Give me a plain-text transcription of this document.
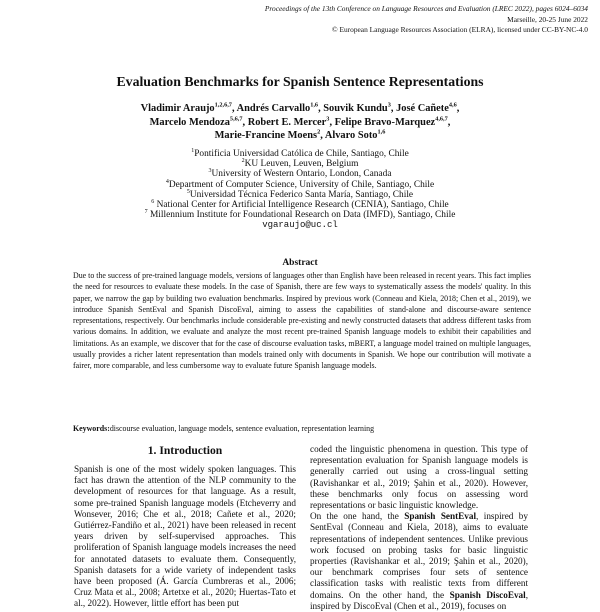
Proceedings of the 13th Conference on Language Resources and Evaluation (LREC 2022), pages 6024–6034
Marseille, 20-25 June 2022
© European Language Resources Association (ELRA), licensed under CC-BY-NC-4.0
Evaluation Benchmarks for Spanish Sentence Representations
Vladimir Araujo$^{1,2,6,7}$, Andrés Carvallo$^{1,6}$, Souvik Kundu$^3$, José Cañete$^{4,6}$,
Marcelo Mendoza$^{5,6,7}$, Robert E. Mercer$^3$, Felipe Bravo-Marquez$^{4,6,7}$,
Marie-Francine Moens$^2$, Alvaro Soto$^{1,6}$
$^1$Pontificia Universidad Católica de Chile, Santiago, Chile
$^2$KU Leuven, Leuven, Belgium
$^3$University of Western Ontario, London, Canada
$^4$Department of Computer Science, University of Chile, Santiago, Chile
$^5$Universidad Técnica Federico Santa María, Santiago, Chile
$^6$ National Center for Artificial Intelligence Research (CENIA), Santiago, Chile
$^7$ Millennium Institute for Foundational Research on Data (IMFD), Santiago, Chile
vgaraujo@uc.cl
Abstract

Due to the success of pre-trained language models, versions of languages other than English have been released in recent years. This fact implies the need for resources to evaluate these models. In the case of Spanish, there are few ways to systematically assess the models' quality. In this paper, we narrow the gap by building two evaluation benchmarks. Inspired by previous work (Conneau and Kiela, 2018; Chen et al., 2019), we introduce Spanish SentEval and Spanish DiscoEval, aiming to assess the capabilities of stand-alone and discourse-aware sentence representations, respectively. Our benchmarks include considerable pre-existing and newly constructed datasets that address different tasks from various domains. In addition, we evaluate and analyze the most recent pre-trained Spanish language models to exhibit their capabilities and limitations. As an example, we discover that for the case of discourse evaluation tasks, mBERT, a language model trained on multiple languages, usually provides a richer latent representation than models trained only with documents in Spanish. We hope our contribution will motivate a fairer, more comparable, and less cumbersome way to evaluate future Spanish language models.

Keywords:discourse evaluation, language models, sentence evaluation, representation learning
1. Introduction

Spanish is one of the most widely spoken languages. This fact has drawn the attention of the NLP community to the development of resources for that language. As a result, some pre-trained Spanish language models (Etcheverry and Wonsever, 2016; Che et al., 2018; Cañete et al., 2020; Gutiérrez-Fandiño et al., 2021) have been released in recent years driven by self-supervised approaches. This proliferation of Spanish language models increases the need for annotated datasets to evaluate them. Consequently, Spanish datasets for a wide variety of independent tasks have been proposed (Á. García Cumbreras et al., 2006; Cruz Mata et al., 2008; Artetxe et al., 2020; Huertas-Tato et al., 2022). However, little effort has been put

coded the linguistic phenomena in question. This type of representation evaluation for Spanish language models is generally carried out using a cross-lingual setting (Ravishankar et al., 2019; Şahin et al., 2020). However, these benchmarks only focus on assessing word representations or basic linguistic knowledge.

On the one hand, the Spanish SentEval, inspired by SentEval (Conneau and Kiela, 2018), aims to evaluate representations of independent sentences. Unlike previous work focused on probing tasks for basic linguistic properties (Ravishankar et al., 2019; Şahin et al., 2020), our benchmark comprises four sets of sentence classification tasks with realistic texts from different domains. On the other hand, the Spanish DiscoEval, inspired by DiscoEval (Chen et al., 2019), focuses on
